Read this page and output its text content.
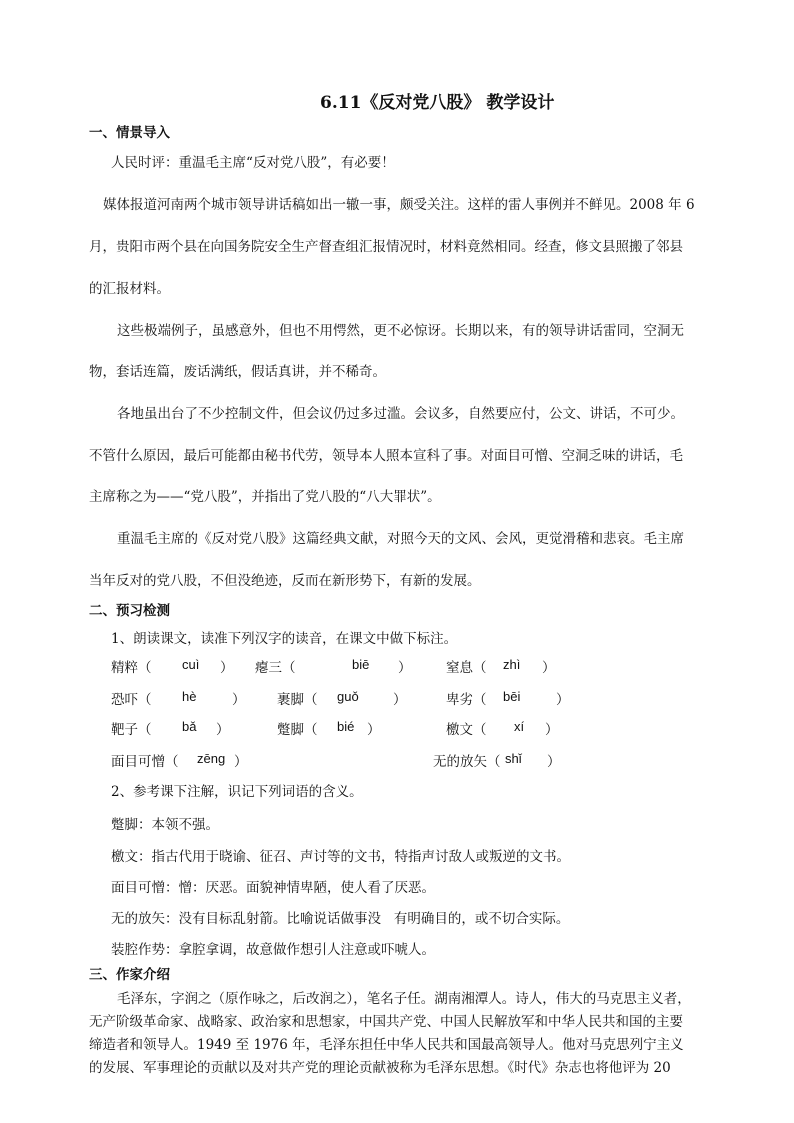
6.11《反对党八股》 教学设计
一、情景导入
人民时评：重温毛主席“反对党八股”，有必要！
媒体报道河南两个城市领导讲话稿如出一辙一事，颇受关注。这样的雷人事例并不鲜见。2008 年 6
月，贵阳市两个县在向国务院安全生产督查组汇报情况时，材料竟然相同。经查，修文县照搬了邻县
的汇报材料。
这些极端例子，虽感意外，但也不用愕然，更不必惊讶。长期以来，有的领导讲话雷同，空洞无
物，套话连篇，废话满纸，假话真讲，并不稀奇。
各地虽出台了不少控制文件，但会议仍过多过滥。会议多，自然要应付，公文、讲话，不可少。
不管什么原因，最后可能都由秘书代劳，领导本人照本宣科了事。对面目可憎、空洞乏味的讲话，毛
主席称之为——“党八股”，并指出了党八股的“八大罪状”。
重温毛主席的《反对党八股》这篇经典文献，对照今天的文风、会风，更觉滑稽和悲哀。毛主席
当年反对的党八股，不但没绝迹，反而在新形势下，有新的发展。
二、预习检测
1、朗读课文，读准下列汉字的读音，在课文中做下标注。
精粹（ cuì ） 瘪三（	biē ）	窒息（ zhì ）
恐吓（ hè	） 裹脚（ guǒ	）	卑劣（ bēi	）
靶子（ bǎ ）	蹩脚（ bié ）	檄文（ xí ）
面目可憎（ zēng ）	无的放矢（ shǐ ）
2、参考课下注解，识记下列词语的含义。
蹩脚：本领不强。
檄文：指古代用于晓谕、征召、声讨等的文书，特指声讨敌人或叛逆的文书。
面目可憎：憎：厌恶。面貌神情卑陋，使人看了厌恶。
无的放矢：没有目标乱射箭。比喻说话做事没   有明确目的，或不切合实际。
装腔作势：拿腔拿调，故意做作想引人注意或吓唬人。
三、作家介绍
毛泽东，字润之（原作咏之，后改润之），笔名子任。湖南湘潭人。诗人，伟大的马克思主义者，
无产阶级革命家、战略家、政治家和思想家，中国共产党、中国人民解放军和中华人民共和国的主要
缔造者和领导人。1949 至 1976 年，毛泽东担任中华人民共和国最高领导人。他对马克思列宁主义
的发展、军事理论的贡献以及对共产党的理论贡献被称为毛泽东思想。《时代》杂志也将他评为 20
